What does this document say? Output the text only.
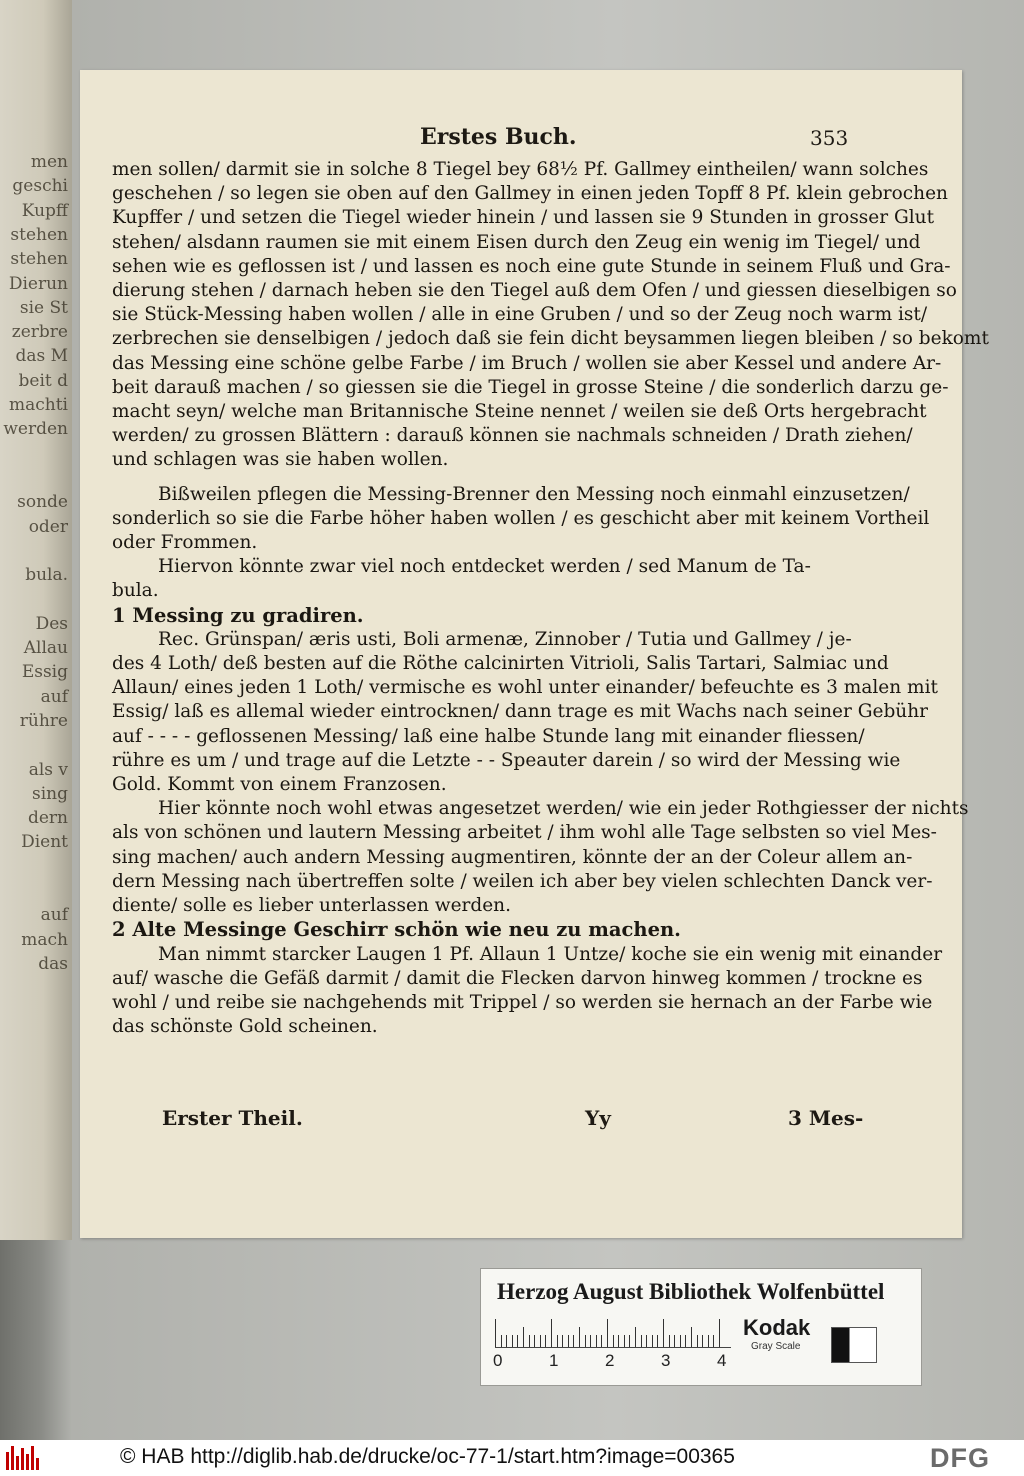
men
geschi
Kupff
stehen
stehen
Dierun
sie St
zerbre
das M
beit d
machti
werden
sonde
oder
bula.
Des
Allau
Essig
auf
rühre
als v
sing
dern
Dient
auf
mach
das
Erstes Buch.	353

men sollen/ darmit sie in solche 8 Tiegel bey 68½ Pf. Gallmey eintheilen/ wann solches
geschehen / so legen sie oben auf den Gallmey in einen jeden Topff 8 Pf. klein gebrochen
Kupffer / und setzen die Tiegel wieder hinein / und lassen sie 9 Stunden in grosser Glut
stehen/ alsdann raumen sie mit einem Eisen durch den Zeug ein wenig im Tiegel/ und
sehen wie es geflossen ist / und lassen es noch eine gute Stunde in seinem Fluß und Gra-
dierung stehen / darnach heben sie den Tiegel auß dem Ofen / und giessen dieselbigen so
sie Stück-Messing haben wollen / alle in eine Gruben / und so der Zeug noch warm ist/
zerbrechen sie denselbigen / jedoch daß sie fein dicht beysammen liegen bleiben / so bekomt
das Messing eine schöne gelbe Farbe / im Bruch / wollen sie aber Kessel und andere Ar-
beit darauß machen / so giessen sie die Tiegel in grosse Steine / die sonderlich darzu ge-
macht seyn/ welche man Britannische Steine nennet / weilen sie deß Orts hergebracht
werden/ zu grossen Blättern : darauß können sie nachmals schneiden / Drath ziehen/
und schlagen was sie haben wollen.

Bißweilen pflegen die Messing-Brenner den Messing noch einmahl einzusetzen/
sonderlich so sie die Farbe höher haben wollen / es geschicht aber mit keinem Vortheil
oder Frommen.

Hiervon könnte zwar viel noch entdecket werden / sed Manum de Ta-
bula.

1 Messing zu gradiren.

Rec. Grünspan/ æris usti, Boli armenæ, Zinnober / Tutia und Gallmey / je-
des 4 Loth/ deß besten auf die Röthe calcinirten Vitrioli, Salis Tartari, Salmiac und
Allaun/ eines jeden 1 Loth/ vermische es wohl unter einander/ befeuchte es 3 malen mit
Essig/ laß es allemal wieder eintrocknen/ dann trage es mit Wachs nach seiner Gebühr
auf - - - - geflossenen Messing/ laß eine halbe Stunde lang mit einander fliessen/
rühre es um / und trage auf die Letzte - - Speauter darein / so wird der Messing wie
Gold. Kommt von einem Franzosen.

Hier könnte noch wohl etwas angesetzet werden/ wie ein jeder Rothgiesser der nichts
als von schönen und lautern Messing arbeitet / ihm wohl alle Tage selbsten so viel Mes-
sing machen/ auch andern Messing augmentiren, könnte der an der Coleur allem an-
dern Messing nach übertreffen solte / weilen ich aber bey vielen schlechten Danck ver-
diente/ solle es lieber unterlassen werden.

2 Alte Messinge Geschirr schön wie neu zu machen.

Man nimmt starcker Laugen 1 Pf. Allaun 1 Untze/ koche sie ein wenig mit einander
auf/ wasche die Gefäß darmit / damit die Flecken darvon hinweg kommen / trockne es
wohl / und reibe sie nachgehends mit Trippel / so werden sie hernach an der Farbe wie
das schönste Gold scheinen.

Erster Theil.	Yy	3 Mes-
Herzog August Bibliothek Wolfenbüttel
0	1	2	3	4
Kodak
Gray Scale
© HAB http://diglib.hab.de/drucke/oc-77-1/start.htm?image=00365	DFG
